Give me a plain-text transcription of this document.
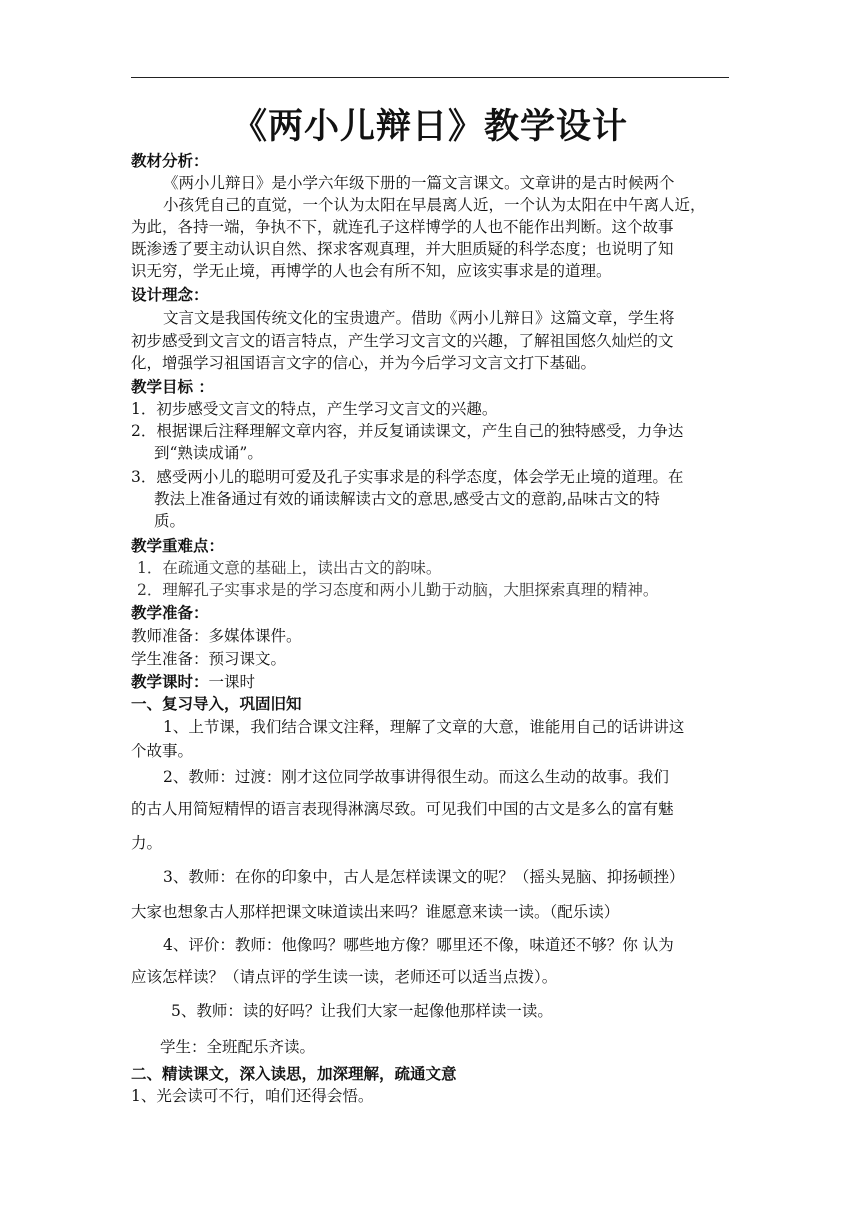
《两小儿辩日》教学设计
教材分析：
《两小儿辩日》是小学六年级下册的一篇文言课文。文章讲的是古时候两个
小孩凭自己的直觉，一个认为太阳在早晨离人近，一个认为太阳在中午离人近，
为此，各持一端，争执不下，就连孔子这样博学的人也不能作出判断。这个故事
既渗透了要主动认识自然、探求客观真理，并大胆质疑的科学态度；也说明了知
识无穷，学无止境，再博学的人也会有所不知，应该实事求是的道理。
设计理念：
文言文是我国传统文化的宝贵遗产。借助《两小儿辩日》这篇文章，学生将
初步感受到文言文的语言特点，产生学习文言文的兴趣，了解祖国悠久灿烂的文
化，增强学习祖国语言文字的信心，并为今后学习文言文打下基础。
教学目标 ：
1．初步感受文言文的特点，产生学习文言文的兴趣。
2．根据课后注释理解文章内容，并反复诵读课文，产生自己的独特感受，力争达
到“熟读成诵”。
3．感受两小儿的聪明可爱及孔子实事求是的科学态度，体会学无止境的道理。在
教法上准备通过有效的诵读解读古文的意思,感受古文的意韵,品味古文的特
质。
教学重难点：
1．在疏通文意的基础上，读出古文的韵味。
2．理解孔子实事求是的学习态度和两小儿勤于动脑，大胆探索真理的精神。
教学准备：
教师准备：多媒体课件。
学生准备：预习课文。
教学课时：一课时
一、复习导入，巩固旧知
1、上节课，我们结合课文注释，理解了文章的大意，谁能用自己的话讲讲这
个故事。
2、教师：过渡：刚才这位同学故事讲得很生动。而这么生动的故事。我们
的古人用简短精悍的语言表现得淋漓尽致。可见我们中国的古文是多么的富有魅
力。
3、教师：在你的印象中，古人是怎样读课文的呢？（摇头晃脑、抑扬顿挫）
大家也想象古人那样把课文味道读出来吗？谁愿意来读一读。（配乐读）
4、评价：教师：他像吗？哪些地方像？哪里还不像，味道还不够？你 认为
应该怎样读？（请点评的学生读一读，老师还可以适当点拨）。
5、教师：读的好吗？让我们大家一起像他那样读一读。
学生：全班配乐齐读。
二、精读课文，深入读思，加深理解，疏通文意
1、光会读可不行，咱们还得会悟。
